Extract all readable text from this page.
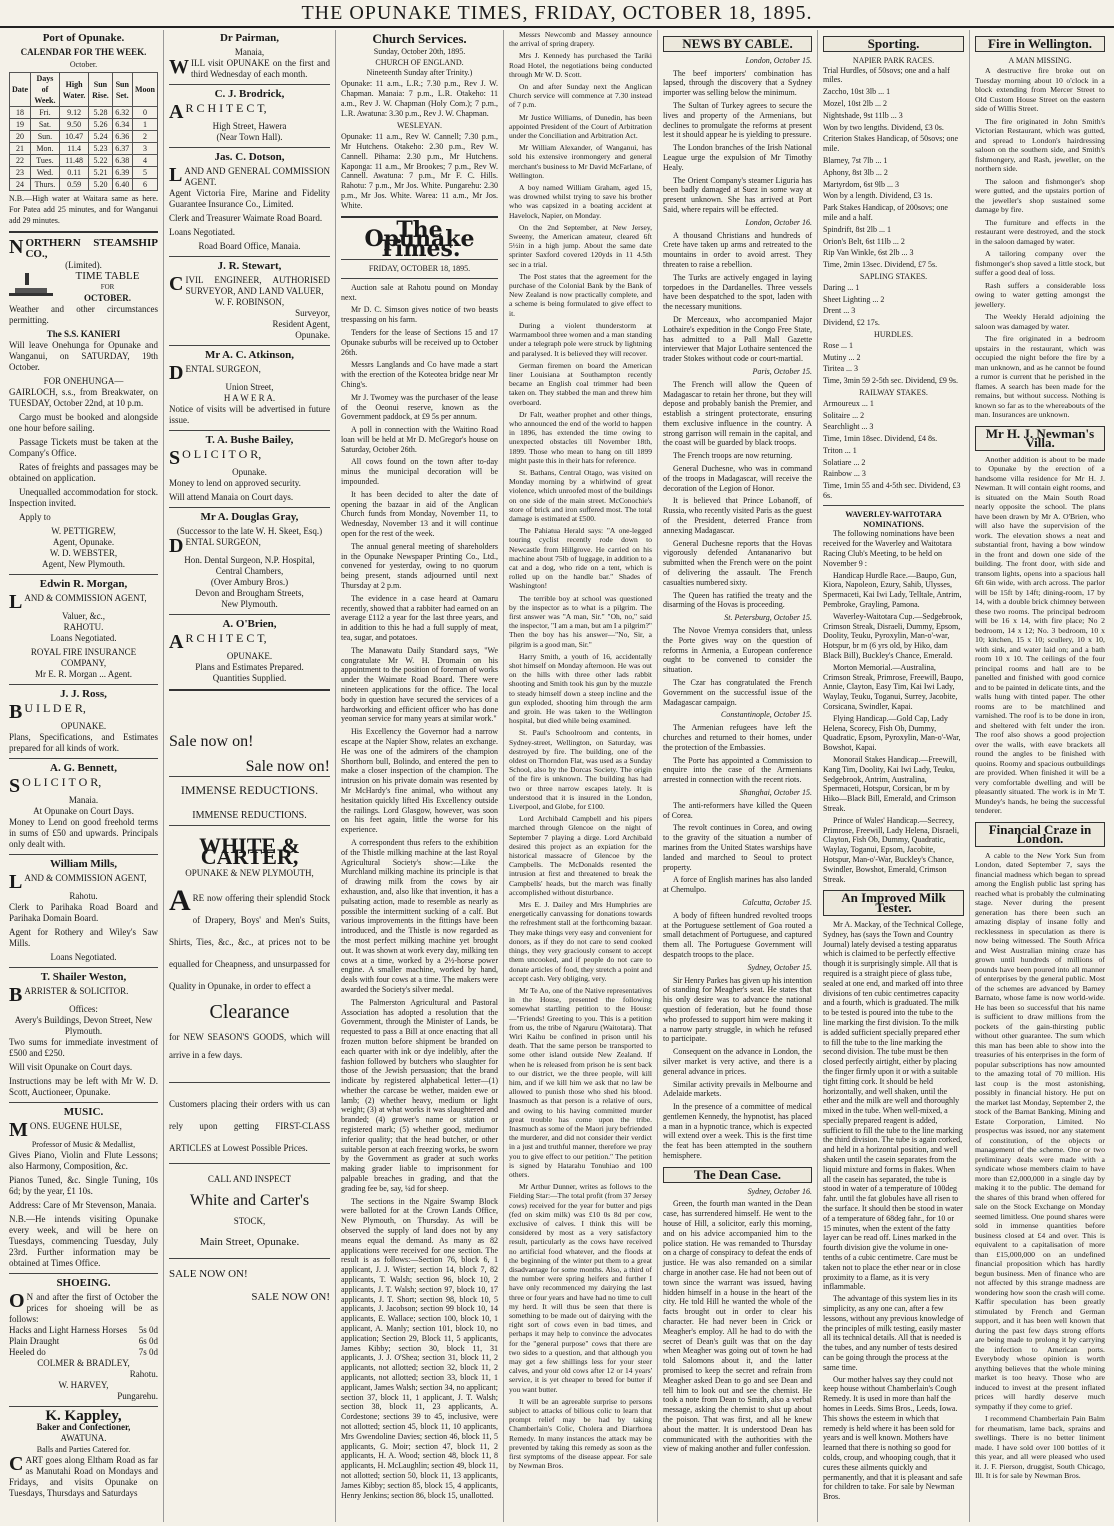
THE OPUNAKE TIMES, FRIDAY, OCTOBER 18, 1895.
Port of Opunake.
CALENDAR FOR THE WEEK.
October.
Date	Days of Week.	High Water.	Sun Rise.	Sun Set.	Moon
18	Fri.	9.12	5.28	6.32	0
19	Sat.	9.50	5.26	6.34	1
20	Sun.	10.47	5.24	6.36	2
21	Mon.	11.4	5.23	6.37	3
22	Tues.	11.48	5.22	6.38	4
23	Wed.	0.11	5.21	6.39	5
24	Thurs.	0.59	5.20	6.40	6

N.B.—High water at Waitara same as here. For Patea add 25 minutes, and for Wanganui add 29 minutes.

NORTHERN STEAMSHIP CO.,

(Limited).
TIME TABLE
FOR
OCTOBER.

Weather and other circumstances permitting.

The S.S. KANIERI

Will leave Onehunga for Opunake and Wanganui, on SATURDAY, 19th October.

FOR ONEHUNGA—

GAIRLOCH, s.s., from Breakwater, on TUESDAY, October 22nd, at 10 p.m.

Cargo must be booked and alongside one hour before sailing.

Passage Tickets must be taken at the Company's Office.

Rates of freights and passages may be obtained on application.

Unequalled accommodation for stock. Inspection invited.

Apply to

W. PETTIGREW,
Agent, Opunake.
W. D. WEBSTER,
Agent, New Plymouth.
Edwin R. Morgan,

LAND & COMMISSION AGENT,

Valuer, &c.,
RAHOTU.
Loans Negotiated.
ROYAL FIRE INSURANCE COMPANY,
Mr E. R. Morgan ... Agent.
J. J. Ross,

B U I L D E R,

OPUNAKE.

Plans, Specifications, and Estimates prepared for all kinds of work.

A. G. Bennett,

S O L I C I T O R,

Manaia.
At Opunake on Court Days.

Money to Lend on good freehold terms in sums of £50 and upwards. Principals only dealt with.

William Mills,

LAND & COMMISSION AGENT,

Rahotu.

Clerk to Parihaka Road Board and Parihaka Domain Board.

Agent for Rothery and Wiley's Saw Mills.

Loans Negotiated.
T. Shailer Weston,

BARRISTER & SOLICITOR.

Offices:
Avery's Buildings, Devon Street, New Plymouth.

Two sums for immediate investment of £500 and £250.

Will visit Opunake on Court days.

Instructions may be left with Mr W. D. Scott, Auctioneer, Opunake.

MUSIC.

MONS. EUGENE HULSE,

Professor of Music & Medallist,

Gives Piano, Violin and Flute Lessons; also Harmony, Composition, &c.

Pianos Tuned, &c. Single Tuning, 10s 6d; by the year, £1 10s.

Address: Care of Mr Stevenson, Manaia.

N.B.—He intends visiting Opunake every week, and will be here on Tuesdays, commencing Tuesday, July 23rd. Further information may be obtained at Times Office.

SHOEING.

O N and after the first of October the prices for shoeing will be as follows:

Hacks and Light Harness Horses 5s 0d
Plain Draught	6s 0d
Heeled do	7s 0d
COLMER & BRADLEY,
Rahotu.
W. HARVEY,
Pungarehu.
K. Kappley,
Baker and Confectioner,
AWATUNA.
Balls and Parties Catered for.

CART goes along Eltham Road as far as Manutahi Road on Mondays and Fridays, and visits Opunake on Tuesdays, Thursdays and Saturdays

Dr Pairman,
Manaia,

WILL visit OPUNAKE on the first and third Wednesday of each month.

C. J. Brodrick,

A R C H I T E C T,

High Street, Hawera
(Near Town Hall).
Jas. C. Dotson,

LAND AND GENERAL COMMISSION AGENT.

Agent Victoria Fire, Marine and Fidelity Guarantee Insurance Co., Limited.

Clerk and Treasurer Waimate Road Board.

Loans Negotiated.

Road Board Office, Manaia.
J. R. Stewart,

CIVIL ENGINEER, AUTHORISED SURVEYOR, AND LAND VALUER,

W. F. ROBINSON,
Surveyor,
Resident Agent,
Opunake.
Mr A. C. Atkinson,

DENTAL SURGEON,

Union Street,
H A W E R A.

Notice of visits will be advertised in future issue.

T. A. Bushe Bailey,

S O L I C I T O R,

Opunake.

Money to lend on approved security.

Will attend Manaia on Court days.

Mr A. Douglas Gray,
(Successor to the late W. H. Skeet, Esq.)

DENTAL SURGEON,

Hon. Dental Surgeon, N.P. Hospital,
Central Chambers,
(Over Ambury Bros.)
Devon and Brougham Streets,
New Plymouth.
A. O'Brien,

A R C H I T E C T,

OPUNAKE.
Plans and Estimates Prepared.
Quantities Supplied.
Sale now on!
Sale now on!
IMMENSE REDUCTIONS.
IMMENSE REDUCTIONS.
WHITE & CARTER,
OPUNAKE & NEW PLYMOUTH,

ARE now offering their splendid Stock of Drapery, Boys' and Men's Suits, Shirts, Ties, &c., &c., at prices not to be equalled for Cheapness, and unsurpassed for Quality in Opunake, in order to effect a

Clearance

for NEW SEASON'S GOODS, which will arrive in a few days.

Customers placing their orders with us can rely upon getting FIRST-CLASS ARTICLES at Lowest Possible Prices.

CALL AND INSPECT
White and Carter's
STOCK,
Main Street, Opunake.
SALE NOW ON!
SALE NOW ON!
Church Services.
Sunday, October 20th, 1895.
CHURCH OF ENGLAND.
Nineteenth Sunday after Trinity.)

Opunake: 11 a.m., L.R.; 7.30 p.m., Rev J. W. Chapman. Manaia: 7 p.m., L.R. Otakeho: 11 a.m., Rev J. W. Chapman (Holy Com.); 7 p.m., L.R. Awatuna: 3.30 p.m., Rev J. W. Chapman.

WESLEYAN.

Opunake: 11 a.m., Rev W. Cannell; 7.30 p.m., Mr Hutchens. Otakeho: 2.30 p.m., Rev W. Cannell. Pihama: 2.30 p.m., Mr Hutchens. Kaponga: 11 a.m., Mr Brookes; 7 p.m., Rev W. Cannell. Awatuna: 7 p.m., Mr F. C. Hills. Rahotu: 7 p.m., Mr Jos. White. Pungarehu: 2.30 p.m., Mr Jos. White. Warea: 11 a.m., Mr Jos. White.

The Opunake Times.
FRIDAY, OCTOBER 18, 1895.

Auction sale at Rahotu pound on Monday next.

Mr D. C. Simson gives notice of two beasts trespassing on his farm.

Tenders for the lease of Sections 15 and 17 Opunake suburbs will be received up to October 26th.

Messrs Langlands and Co have made a start with the erection of the Koteotea bridge near Mr Ching's.

Mr J. Twomey was the purchaser of the lease of the Oeonui reserve, known as the Government paddock, at £9 5s per annum.

A poll in connection with the Waitino Road loan will be held at Mr D. McGregor's house on Saturday, October 26th.

All cows found on the town after to-day minus the municipal decoration will be impounded.

It has been decided to alter the date of opening the bazaar in aid of the Anglican Church funds from Monday, November 11, to Wednesday, November 13 and it will continue open for the rest of the week.

The annual general meeting of shareholders in the Opunake Newspaper Printing Co., Ltd., convened for yesterday, owing to no quorum being present, stands adjourned until next Thursday at 2 p.m.

The evidence in a case heard at Oamaru recently, showed that a rabbiter had earned on an average £112 a year for the last three years, and in addition to this he had a full supply of meat, tea, sugar, and potatoes.

The Manawatu Daily Standard says, "We congratulate Mr W. H. Dromain on his appointment to the position of foreman of works under the Waimate Road Board. There were nineteen applications for the office. The local body in question have secured the services of a hardworking and efficient officer who has done yeoman service for many years at similar work."

His Excellency the Governor had a narrow escape at the Napier Show, relates an exchange. He was one of the admirers of the champion Shorthorn bull, Bolindo, and entered the pen to make a closer inspection of the champion. The intrusion on his private domain was resented by Mr McHardy's fine animal, who without any hesitation quickly lifted His Excellency outside the railings. Lord Glasgow, however, was soon on his feet again, little the worse for his experience.

A correspondent thus refers to the exhibition of the Thistle milking machine at the last Royal Agricultural Society's show:—Like the Murchland milking machine its principle is that of drawing milk from the cows by air exhaustion, and, also like that invention, it has a pulsating action, made to resemble as nearly as possible the intermittent sucking of a calf. But various improvements in the fittings have been introduced, and the Thistle is now regarded as the most perfect milking machine yet brought out. It was shown at work every day, milking ten cows at a time, worked by a 2½-horse power engine. A smaller machine, worked by hand, deals with four cows at a time. The makers were awarded the Society's silver medal.

The Palmerston Agricultural and Pastoral Association has adopted a resolution that the Government, through the Minister of Lands, be requested to pass a Bill at once enacting that all frozen mutton before shipment be branded on each quarter with ink or dye indelibly, after the fashion followed by butchers who slaughter for those of the Jewish persuasion; that the brand indicate by registered alphabetical letter—(1) whether the carcase be wether, maiden ewe or lamb; (2) whether heavy, medium or light weight; (3) at what works it was slaughtered and branded; (4) grower's name or station or registered mark; (5) whether good, mediumor inferior quality; that the head butcher, or other suitable person at each freezing works, be sworn by the Government as grader at such works making grader liable to imprisonment for palpable breaches in grading, and that the grading fee be, say, ¼d for sheep.

The sections in the Ngaire Swamp Block were balloted for at the Crown Lands Office, New Plymouth, on Thursday. As will be observed the supply of land does not by any means equal the demand. As many as 82 applications were received for one section. The result is as follows:—Section 76, block 6, 1 applicant, J. J. Wister; section 14, block 7, 82 applicants, T. Walsh; section 96, block 10, 2 applicants, J. T. Walsh; section 97, block 10, 17 applicants, J. T. Short; section 98, block 10, 5 applicants, J. Jacobson; section 99 block 10, 14 applicants, E. Wallace; section 100, block 10, 1 applicant, A. Manly; section 101, block 10, no application; Section 29, Block 11, 5 applicants, James Kibby; section 30, block 11, 31 applicants, J. J. O'Shea; section 31, block 11, 2 applicants, not allotted; section 32, block 11, 2 applicants, not allotted; section 33, block 11, 1 applicant, James Walsh; section 34, no applicant; section 37, block 11, 1 applicant, J. T. Walsh; section 38, block 11, 23 applicants, A. Cordestone; sections 39 to 45, inclusive, were not allotted; section 45, block 11, 10 applicants, Mrs Gwendoline Davies; section 46, block 11, 5 applicants, G. Moir; section 47, block 11, 2 applicants, H. A. Wood; section 48, block 11, 8 applicants, H. McLaughlin; section 49, block 11, not allotted; section 50, block 11, 13 applicants, James Kibby; section 85, block 15, 4 applicants, Henry Jenkins; section 86, block 15, unallotted.

Messrs Newcomb and Massey announce the arrival of spring drapery.

Mrs J. Kennedy has purchased the Tariki Road Hotel, the negotiations being conducted through Mr W. D. Scott.

On and after Sunday next the Anglican Church service will commence at 7.30 instead of 7 p.m.

Mr Justice Williams, of Dunedin, has been appointed President of the Court of Arbitration under the Conciliation and Arbitration Act.

Mr William Alexander, of Wanganui, has sold his extensive ironmongery and general merchant's business to Mr David McFarlane, of Wellington.

A boy named William Graham, aged 15, was drowned whilst trying to save his brother who was capsized in a boating accident at Havelock, Napier, on Monday.

On the 2nd September, at New Jersey, Sweeny, the American amateur, cleared 6ft 5½in in a high jump. About the same date sprinter Saxford covered 120yds in 11 4.5th sec in a trial.

The Post states that the agreement for the purchase of the Colonial Bank by the Bank of New Zealand is now practically complete, and a scheme is being formulated to give effect to it.

During a violent thunderstorm at Warrnambool three women and a man standing under a telegraph pole were struck by lightning and paralysed. It is believed they will recover.

German firemen on board the American liner Louisiana at Southampton recently became an English coal trimmer had been taken on. They stabbed the man and threw him overboard.

Dr Falt, weather prophet and other things, who announced the end of the world to happen in 1896, has extended the time owing to unexpected obstacles till November 18th, 1899. Those who mean to hang on till 1899 might paste this in their hats for reference.

St. Bathans, Central Otago, was visited on Monday morning by a whirlwind of great violence, which unroofed most of the buildings on one side of the main street. McConochie's store of brick and iron suffered most. The total damage is estimated at £500.

The Pahiatua Herald says: "A one-legged touring cyclist recently rode down to Newcastle from Hillgrove. He carried on his machine about 75lb of luggage, in addition to a cat and a dog, who ride on a tent, which is rolled up on the handle bar." Shades of Washington!

The terrible boy at school was questioned by the inspector as to what is a pilgrim. The first answer was "A man, Sir." "Oh, no," said the inspector, "I am a man, but am I a pilgrim?" Then the boy has his answer—"No, Sir, a pilgrim is a good man, Sir."

Harry Smith, a youth of 16, accidentally shot himself on Monday afternoon. He was out on the hills with three other lads rabbit shooting and Smith took his gun by the muzzle to steady himself down a steep incline and the gun exploded, shooting him through the arm and groin. He was taken to the Wellington hospital, but died while being examined.

St. Paul's Schoolroom and contents, in Sydney-street, Wellington, on Saturday, was destroyed by fire. The building, one of the oldest on Thorndon Flat, was used as a Sunday School, also by the Dorcas Society. The origin of the fire is unknown. The building has had two or three narrow escapes lately. It is understood that it is insured in the London, Liverpool, and Globe, for £100.

Lord Archibald Campbell and his pipers marched through Glencoe on the night of September 7 playing a dirge. Lord Archibald desired this project as an expiation for the historical massacre of Glencoe by the Campbells. The McDonalds resented the intrusion at first and threatened to break the Campbells' heads, but the march was finally accomplished without disturbance.

Mrs E. J. Dailey and Mrs Humphries are energetically canvassing for donations towards the refreshment stall at the forthcoming bazaar. They make things very easy and convenient for donors, as if they do not care to send cooked things, they very graciously consent to accept them uncooked, and if people do not care to donate articles of food, they stretch a point and accept cash. Very obliging, very.

Mr Te Ao, one of the Native representatives in the House, presented the following somewhat startling petition to the House:—"Friends! Greeting to you. This is a petition from us, the tribe of Ngaruru (Waitotara). That Wiri Kaihu be confined in prison until his death. That the same person be transported to some other island outside New Zealand. If when he is released from prison he is sent back to our district, we the three people, will kill him, and if we kill him we ask that no law be allowed to punish those who shed his blood. Inasmuch as that person is a relative of ours, and owing to his having committed murder great trouble has come upon the tribe. Inasmuch as some of the Maori jury befriended the murderer, and did not consider their verdict in a just and truthful manner, therefore we pray you to give effect to our petition." The petition is signed by Hatarahu Tonuhiao and 100 others.

Mr Arthur Dunner, writes as follows to the Fielding Star:—The total profit (from 37 Jersey cows) received for the year for butter and pigs (fed on skim milk) was £10 0s 8d per cow, exclusive of calves. I think this will be considered by most as a very satisfactory result, particularly as the cows have received no artificial food whatever, and the floods at the beginning of the winter put them to a great disadvantage for some months. Also, a third of the number were spring heifers and further I have only recommenced my dairying the last three or four years and have had no time to cull my herd. It will thus be seen that there is something to be made out of dairying with the right sort of cows even in bad times, and perhaps it may help to convince the advocates for the "general purpose" cows that there are two sides to a question, and that although you may get a few shillings less for your steer calves, and your old cows after 12 or 14 years' service, it is yet cheaper to breed for butter if you want butter.

It will be an agreeable surprise to persons subject to attacks of bilious colic to learn that prompt relief may be had by taking Chamberlain's Colic, Cholera and Diarrhoea Remedy. In many instances the attack may be prevented by taking this remedy as soon as the first symptoms of the disease appear. For sale by Newman Bros.

NEWS BY CABLE.

London, October 15.

The beef importers' combination has lapsed, through the discovery that a Sydney importer was selling below the minimum.

The Sultan of Turkey agrees to secure the lives and property of the Armenians, but declines to promulgate the reforms at present lest it should appear he is yielding to pressure.

The London branches of the Irish National League urge the expulsion of Mr Timothy Healy.

The Orient Company's steamer Liguria has been badly damaged at Suez in some way at present unknown. She has arrived at Port Said, where repairs will be effected.

London, October 16.

A thousand Christians and hundreds of Crete have taken up arms and retreated to the mountains in order to avoid arrest. They threaten to raise a rebellion.

The Turks are actively engaged in laying torpedoes in the Dardanelles. Three vessels have been despatched to the spot, laden with the necessary munitions.

Dr Merceaux, who accompanied Major Lothaire's expedition in the Congo Free State, has admitted to a Pall Mall Gazette interviewer that Major Lothaire sentenced the trader Stokes without code or court-martial.

Paris, October 15.

The French will allow the Queen of Madagascar to retain her throne, but they will depose and probably banish the Premier, and establish a stringent protectorate, ensuring them exclusive influence in the country. A strong garrison will remain in the capital, and the coast will be guarded by black troops.

The French troops are now returning.

General Duchesne, who was in command of the troops in Madagascar, will receive the decoration of the Legion of Honor.

It is believed that Prince Lobanoff, of Russia, who recently visited Paris as the guest of the President, deterred France from annexing Madagascar.

General Duchesne reports that the Hovas vigorously defended Antananarivo but submitted when the French were on the point of delivering the assault. The French casualties numbered sixty.

The Queen has ratified the treaty and the disarming of the Hovas is proceeding.

St. Petersburg, October 15.

The Novoe Vremya considers that, unless the Porte gives way on the question of reforms in Armenia, a European conference ought to be convened to consider the situation.

The Czar has congratulated the French Government on the successful issue of the Madagascar campaign.

Constantinople, October 15.

The Armenian refugees have left the churches and returned to their homes, under the protection of the Embassies.

The Porte has appointed a Commission to enquire into the case of the Armenians arrested in connection with the recent riots.

Shanghai, October 15.

The anti-reformers have killed the Queen of Corea.

The revolt continues in Corea, and owing to the gravity of the situation a number of marines from the United States warships have landed and marched to Seoul to protect property.

A force of English marines has also landed at Chemulpo.

Calcutta, October 15.

A body of fifteen hundred revolted troops at the Portuguese settlement of Goa routed a small detachment of Portuguese, and captured them all. The Portuguese Government will despatch troops to the place.

Sydney, October 15.

Sir Henry Parkes has given up his intention of standing for Meagher's seat. He states that his only desire was to advance the national question of federation, but he found those who professed to support him were making it a narrow party struggle, in which he refused to participate.

Consequent on the advance in London, the silver market is very active, and there is a general advance in prices.

Similar activity prevails in Melbourne and Adelaide markets.

In the presence of a committee of medical gentlemen Kennedy, the hypnotist, has placed a man in a hypnotic trance, which is expected will extend over a week. This is the first time the feat has been attempted in the southern hemisphere.

The Dean Case.

Sydney, October 16.

Green, the fourth man wanted in the Dean case, has surrendered himself. He went to the house of Hill, a solicitor, early this morning, and on his advice accompanied him to the police station. He was remanded to Thursday on a charge of conspiracy to defeat the ends of justice. He was also remanded on a similar charge in another case. He had not been out of town since the warrant was issued, having hidden himself in a house in the heart of the city. He told Hill he wanted the whole of the facts brought out in order to clear his character. He had never been in Crick or Meagher's employ. All he had to do with the secret of Dean's guilt was that on the day when Meagher was going out of town he had told Salomons about it, and the latter promised to keep the secret and refrain from Meagher asked Dean to go and see Dean and tell him to look out and see the chemist. He took a note from Dean to Smith, also a verbal message, asking the chemist to shut up about the poison. That was first, and all he knew about the matter. It is understood Dean has communicated with the authorities with the view of making another and fuller confession.

Sporting.
NAPIER PARK RACES.

Trial Hurdles, of 50sovs; one and a half miles.

Zaccho, 10st 3lb ... 1

Mozel, 10st 2lb ... 2

Nightshade, 9st 11lb ... 3

Won by two lengths. Dividend, £3 0s.

Criterion Stakes Handicap, of 50sovs; one mile.

Blarney, 7st 7lb ... 1

Aphony, 8st 3lb ... 2

Martyrdom, 6st 9lb ... 3

Won by a length. Dividend, £3 1s.

Park Stakes Handicap, of 200sovs; one mile and a half.

Spindrift, 8st 2lb ... 1

Orion's Belt, 6st 11lb ... 2

Rip Van Winkle, 6st 2lb ... 3

Time, 2min 13sec. Dividend, £7 5s.

SAPLING STAKES.

Daring ... 1

Sheet Lighting ... 2

Drent ... 3

Dividend, £2 17s.

HURDLES.

Rose ... 1

Mutiny ... 2

Tiritea ... 3

Time, 3min 59 2-5th sec. Dividend, £9 9s.

RAILWAY STAKES.

Armoureux ... 1

Solitaire ... 2

Searchlight ... 3

Time, 1min 18sec. Dividend, £4 8s.

Triton ... 1

Solatiare ... 2

Rainbow ... 3

Time, 1min 55 and 4-5th sec. Dividend, £3 6s.

WAVERLEY-WAITOTARA NOMINATIONS.

The following nominations have been received for the Waverley and Waitotara Racing Club's Meeting, to be held on November 9 :

Handicap Hurdle Race.—Baupo, Gun, Kiora, Napoleon, Ezury, Sahib, Ulysses, Spermaceti, Kai Iwi Lady, Telltale, Antrim, Pembroke, Grayling, Pamona.

Waverley-Waitotara Cup.—Sedgebrook, Crimson Streak, Disraeli, Dummy, Epsom, Doolity, Teuku, Pyroxylin, Man-o'-war, Hotspur, br m (6 yrs old, by Hiko, dam Black Bill), Buckley's Chance, Emerald.

Morton Memorial.—Australina, Crimson Streak, Primrose, Freewill, Baupo, Annie, Clayton, Easy Tim, Kai Iwi Lady, Waylay, Teuku, Toganui, Surrey, Jacobite, Corsicana, Swindler, Kapai.

Flying Handicap.—Gold Cap, Lady Helena, Scorecy, Fish Ob, Dummy, Quadratic, Epsom, Pyroxylin, Man-o'-War, Bowshot, Kapai.

Monorail Stakes Handicap.—Freewill, Kang Tim, Doolity, Kai Iwi Lady, Teuku, Sedgebrook, Antrim, Australina, Spermaceti, Hotspur, Corsican, br m by Hiko—Black Bill, Emerald, and Crimson Streak.

Prince of Wales' Handicap.—Secrecy, Primrose, Freewill, Lady Helena, Disraeli, Clayton, Fish Ob, Dummy, Quadratic, Waylay, Toganui, Epsom, Jacobite, Hotspur, Man-o'-War, Buckley's Chance, Swindler, Bowshot, Emerald, Crimson Streak.

An Improved Milk Tester.

Mr A. Mackay, of the Technical College, Sydney, has (says the Town and Country Journal) lately devised a testing apparatus which is claimed to be perfectly effective though it is surprisingly simple. All that is required is a straight piece of glass tube, sealed at one end, and marked off into three divisions of ten cubic centimetres capacity and a fourth, which is graduated. The milk to be tested is poured into the tube to the line marking the first division. To the milk is added sufficient specially prepared ether to fill the tube to the line marking the second division. The tube must be then closed perfectly airtight, either by placing the finger firmly upon it or with a suitable tight fitting cork. It should be held horizontally, and well shaken, until the ether and the milk are well and thoroughly mixed in the tube. When well-mixed, a specially prepared reagent is added, sufficient to fill the tube to the line marking the third division. The tube is again corked, and held in a horizontal position, and well shaken until the casein separates from the liquid mixture and forms in flakes. When all the casein has separated, the tube is stood in water of a temperature of 100deg fahr. until the fat globules have all risen to the surface. It should then be stood in water of a temperature of 68deg fahr., for 10 or 15 minutes, when the extent of the fatty layer can be read off. Lines marked in the fourth division give the volume in one-tenths of a cubic centimetre. Care must be taken not to place the ether near or in close proximity to a flame, as it is very inflammable.

The advantage of this system lies in its simplicity, as any one can, after a few lessons, without any previous knowledge of the principles of milk testing, easily master all its technical details. All that is needed is the tubes, and any number of tests desired can be going through the process at the same time.

Our mother halves say they could not keep house without Chamberlain's Cough Remedy. It is used in more than half the homes in Leeds. Sims Bros., Leeds, Iowa. This shows the esteem in which that remedy is held where it has been sold for years and is well known. Mothers have learned that there is nothing so good for colds, croup, and whooping cough, that it cures these ailments quickly and permanently, and that it is pleasant and safe for children to take. For sale by Newman Bros.

Fire in Wellington.
A MAN MISSING.

A destructive fire broke out on Tuesday morning about 10 o'clock in a block extending from Mercer Street to Old Custom House Street on the eastern side of Willis Street.

The fire originated in John Smith's Victorian Restaurant, which was gutted, and spread to London's hairdressing saloon on the southern side, and Smith's fishmongery, and Rash, jeweller, on the northern side.

The saloon and fishmonger's shop were gutted, and the upstairs portion of the jeweller's shop sustained some damage by fire.

The furniture and effects in the restaurant were destroyed, and the stock in the saloon damaged by water.

A tailoring company over the fishmonger's shop saved a little stock, but suffer a good deal of loss.

Rash suffers a considerable loss owing to water getting amongst the jewellery.

The Weekly Herald adjoining the saloon was damaged by water.

The fire originated in a bedroom upstairs in the restaurant, which was occupied the night before the fire by a man unknown, and as he cannot be found a rumor is current that he perished in the flames. A search has been made for the remains, but without success. Nothing is known so far as to the whereabouts of the man. Insurances are unknown.

Mr H. J. Newman's Villa.

Another addition is about to be made to Opunake by the erection of a handsome villa residence for Mr H. J. Newman. It will contain eight rooms, and is situated on the Main South Road nearly opposite the school. The plans have been drawn by Mr A. O'Brien, who will also have the supervision of the work. The elevation shows a neat and substantial front, having a bow window in the front and down one side of the building. The front door, with side and transom lights, opens into a spacious hall 6ft 6in wide, with arch across. The parlor will be 15ft by 14ft; dining-room, 17 by 14, with a double brick chimney between these two rooms. The principal bedroom will be 16 x 14, with fire place; No 2 bedroom, 14 x 12; No. 3 bedroom, 10 x 10; kitchen, 15 x 10; scullery, 10 x 10, with sink, and water laid on; and a bath room 10 x 10. The ceilings of the four principal rooms and hall are to be panelled and finished with good cornice and to be painted in delicate tints, and the walls hung with tinted paper. The other rooms are to be matchlined and varnished. The roof is to be done in iron, and sheltered with felt under the iron. The roof also shows a good projection over the walls, with eave brackets all round the angles to be finished with quoins. Roomy and spacious outbuildings are provided. When finished it will be a very comfortable dwelling and will be pleasantly situated. The work is in Mr T. Mundey's hands, he being the successful tenderer.

Financial Craze in London.

A cable to the New York Sun from London, dated September 7, says the financial madness which began to spread among the English public last spring has reached what is probably the culminating stage. Never during the present generation has there been such an amazing display of insane folly and recklessness in speculation as there is now being witnessed. The South Africa and West Australian mining craze has grown until hundreds of millions of pounds have been poured into all manner of enterprises by the general public. Most of the schemes are advanced by Barney Barnato, whose fame is now world-wide. He has been so successful that his name is sufficient to draw millions from the pockets of the gain-thirsting public without other guarantee. The sum which this man has been able to show into the treasuries of his enterprises in the form of popular subscriptions has now amounted to the amazing total of 70 million. His last coup is the most astonishing, possibly in financial history. He put on the market last Monday, September 2, the stock of the Barnat Banking, Mining and Estate Corporation, Limited. No prospectus was issued, nor any statement of constitution, of the objects or management of the scheme. One or two preliminary deals were made with a syndicate whose members claim to have more than £2,000,000 in a single day by making it to the public. The demand for the shares of this brand when offered for sale on the Stock Exchange on Monday seemed limitless. One pound shares were sold in immense quantities before business closed at £4 and over. This is equivalent to a capitalisation of more than £15,000,000 on an undefined financial proposition which has hardly begun business. Men of finance who are not affected by this strange madness are wondering how soon the crash will come. Kaffir speculation has been greatly stimulated by French and German support, and it has been well known that during the past few days strong efforts are being made to prolong it by carrying the infection to American ports. Everybody whose opinion is worth anything believes that the whole mining market is too heavy. Those who are induced to invest at the present inflated prices will hardly deserve much sympathy if they come to grief.

I recommend Chamberlain Pain Balm for rheumatism, lame back, sprains and swellings. There is no better liniment made. I have sold over 100 bottles of it this year, and all were pleased who used it. J. F. Pierson, druggist, South Chicago, Ill. It is for sale by Newman Bros.
